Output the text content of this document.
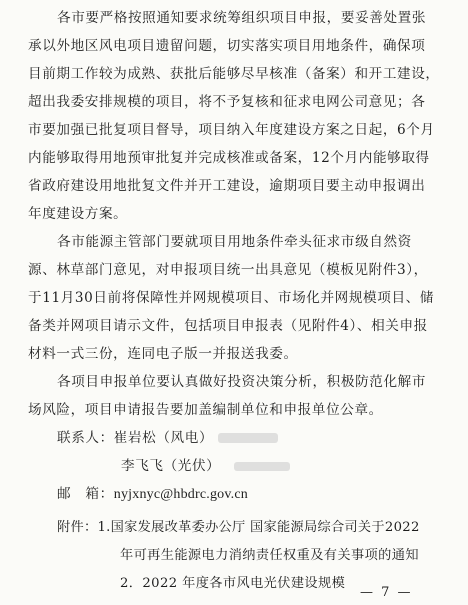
各市要严格按照通知要求统筹组织项目申报，要妥善处置张
承以外地区风电项目遗留问题，切实落实项目用地条件，确保项
目前期工作较为成熟、获批后能够尽早核准（备案）和开工建设，
超出我委安排规模的项目，将不予复核和征求电网公司意见；各
市要加强已批复项目督导，项目纳入年度建设方案之日起，6个月
内能够取得用地预审批复并完成核准或备案，12个月内能够取得
省政府建设用地批复文件并开工建设，逾期项目要主动申报调出
年度建设方案。
各市能源主管部门要就项目用地条件牵头征求市级自然资
源、林草部门意见，对申报项目统一出具意见（模板见附件3），
于11月30日前将保障性并网规模项目、市场化并网规模项目、储
备类并网项目请示文件，包括项目申报表（见附件4）、相关申报
材料一式三份，连同电子版一并报送我委。
各项目申报单位要认真做好投资决策分析，积极防范化解市
场风险，项目申请报告要加盖编制单位和申报单位公章。
联系人：崔岩松（风电）
李飞飞（光伏）
邮　箱：nyjxnyc@hbdrc.gov.cn
附件：1.国家发展改革委办公厅 国家能源局综合司关于2022
年可再生能源电力消纳责任权重及有关事项的通知
2．2022 年度各市风电光伏建设规模
— 7 —
